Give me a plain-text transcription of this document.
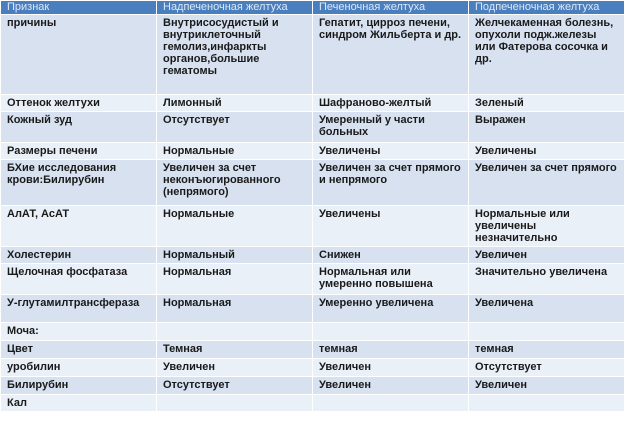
Признак	Надпеченочная желтуха	Печеночная желтуха	Подпеченочная желтуха
причины	Внутрисосудистый и внутриклеточный гемолиз,инфаркты органов,большие гематомы	Гепатит, цирроз печени, синдром Жильберта и др.	Желчекаменная болезнь, опухоли подж.железы или Фатерова сосочка и др.
Оттенок желтухи	Лимонный	Шафраново-желтый	Зеленый
Кожный зуд	Отсутствует	Умеренный у части больных	Выражен
Размеры печени	Нормальные	Увеличены	Увеличены
БХие исследования крови:Билирубин	Увеличен за счет неконъюгированного (непрямого)	Увеличен за счет прямого и непрямого	Увеличен за счет прямого
АлАТ, АсАТ	Нормальные	Увеличены	Нормальные или увеличены незначительно
Холестерин	Нормальный	Снижен	Увеличен
Щелочная фосфатаза	Нормальная	Нормальная или умеренно повышена	Значительно увеличена
У-глутамилтрансфераза	Нормальная	Умеренно увеличена	Увеличена
Моча:			
Цвет	Темная	темная	темная
уробилин	Увеличен	Увеличен	Отсутствует
Билирубин	Отсутствует	Увеличен	Увеличен
Кал			
